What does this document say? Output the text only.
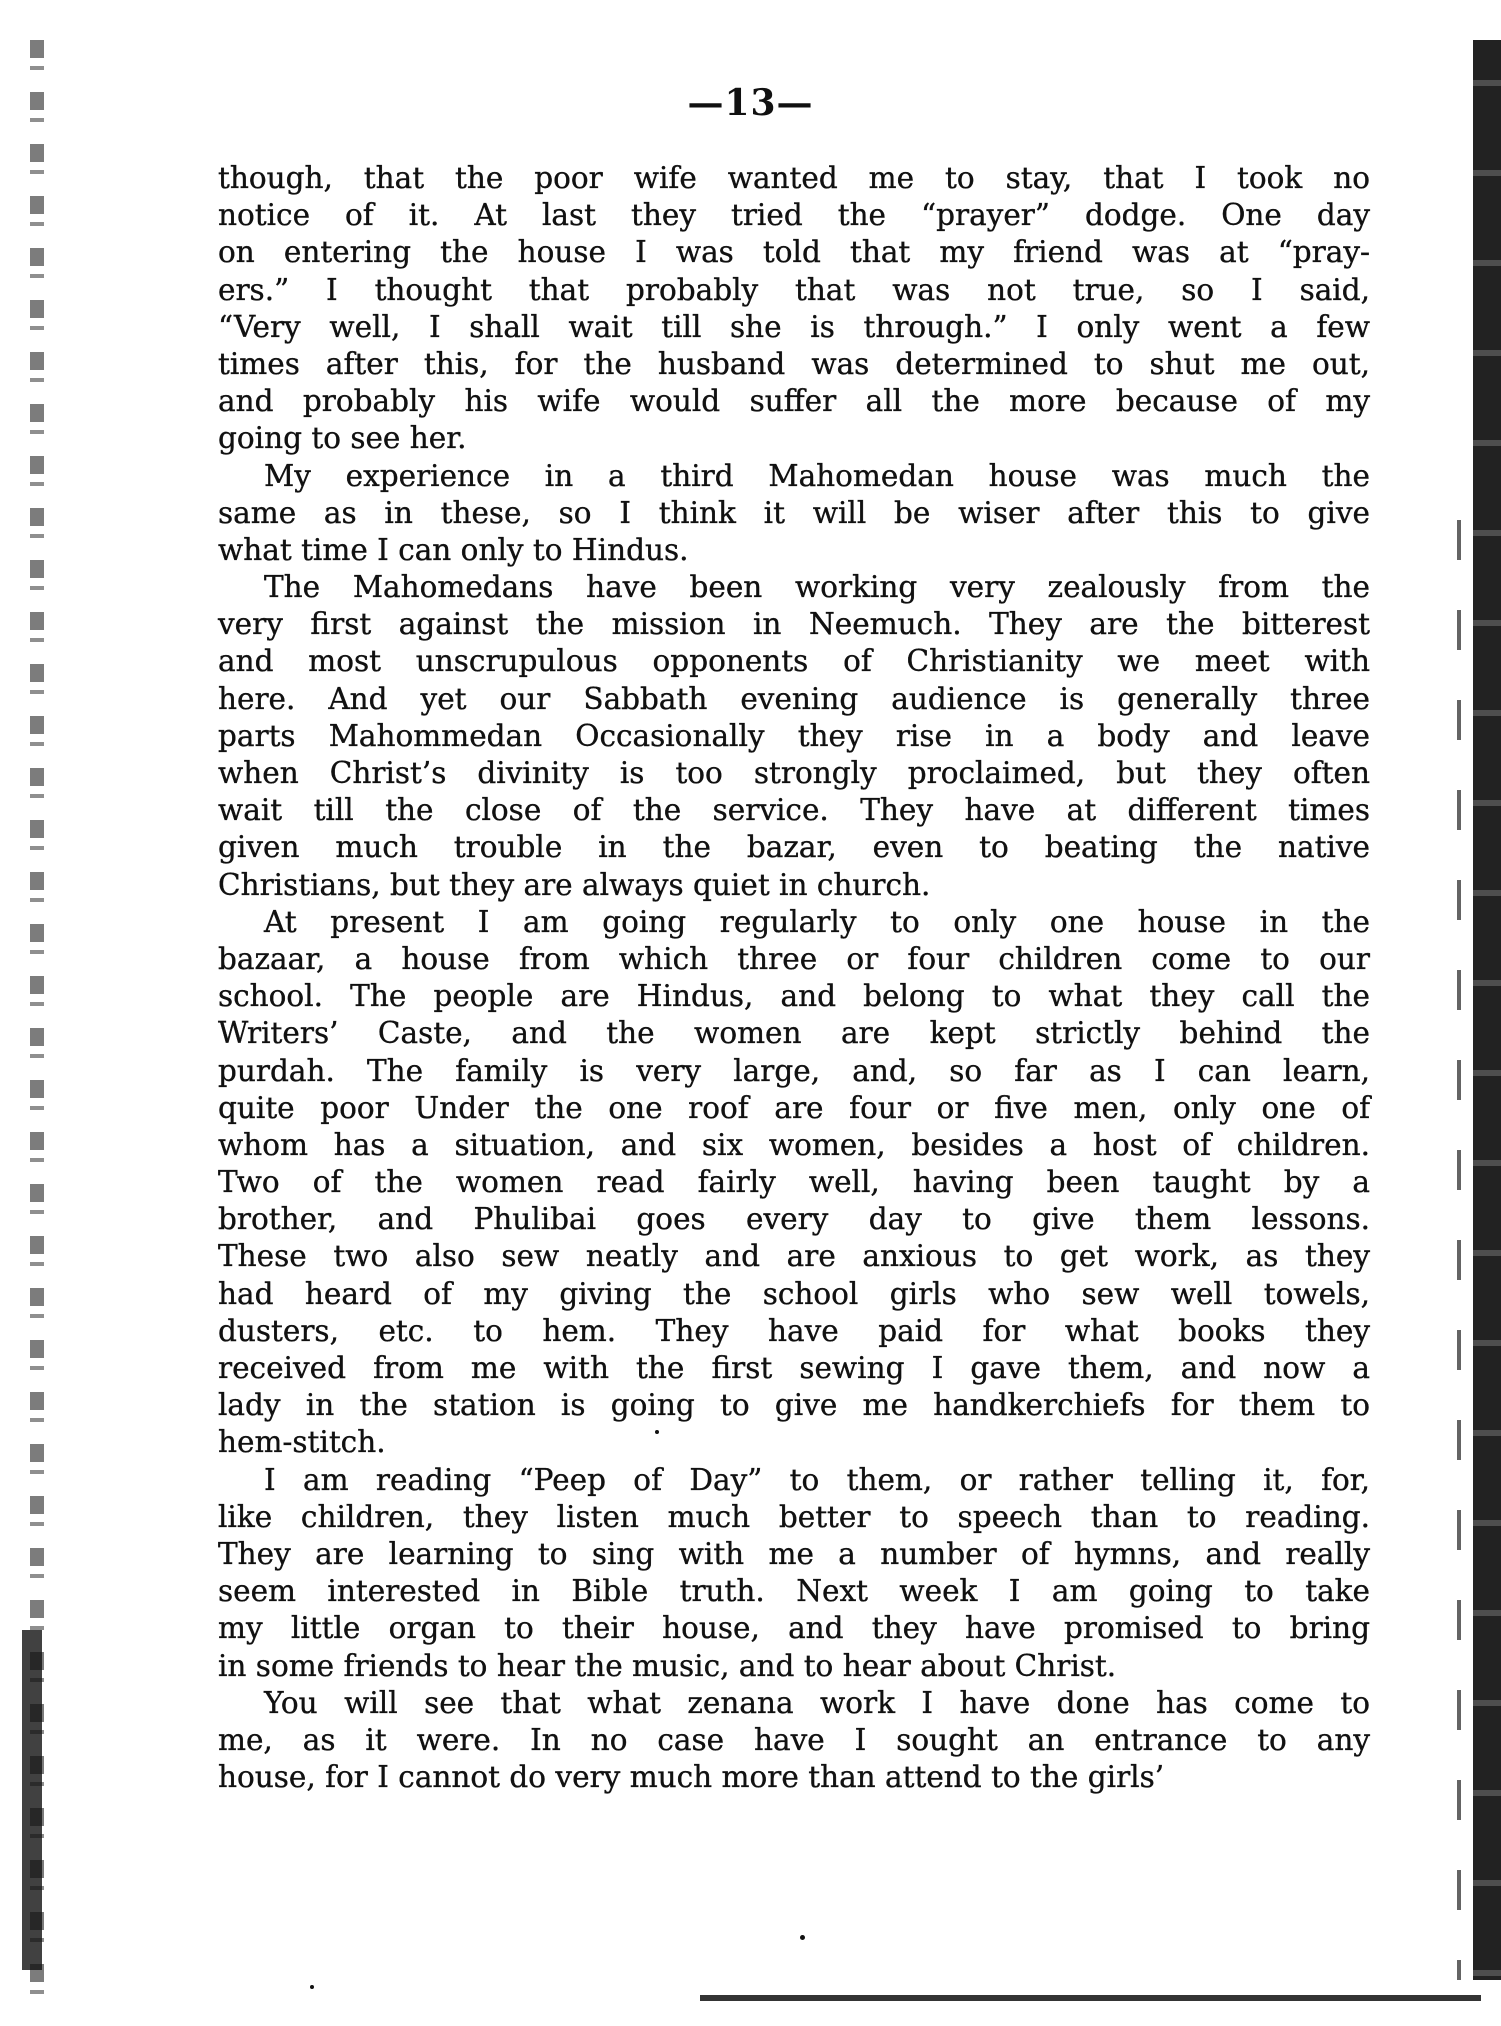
—13—
though, that the poor wife wanted me to stay, that I took no
notice of it. At last they tried the “prayer” dodge. One day
on entering the house I was told that my friend was at “pray-
ers.” I thought that probably that was not true, so I said,
“Very well, I shall wait till she is through.” I only went a few
times after this, for the husband was determined to shut me out,
and probably his wife would suffer all the more because of my
going to see her.
My experience in a third Mahomedan house was much the
same as in these, so I think it will be wiser after this to give
what time I can only to Hindus.
The Mahomedans have been working very zealously from the
very first against the mission in Neemuch. They are the bitterest
and most unscrupulous opponents of Christianity we meet with
here. And yet our Sabbath evening audience is generally three
parts Mahommedan Occasionally they rise in a body and leave
when Christ’s divinity is too strongly proclaimed, but they often
wait till the close of the service. They have at different times
given much trouble in the bazar, even to beating the native
Christians, but they are always quiet in church.
At present I am going regularly to only one house in the
bazaar, a house from which three or four children come to our
school. The people are Hindus, and belong to what they call the
Writers’ Caste, and the women are kept strictly behind the
purdah. The family is very large, and, so far as I can learn,
quite poor Under the one roof are four or five men, only one of
whom has a situation, and six women, besides a host of children.
Two of the women read fairly well, having been taught by a
brother, and Phulibai goes every day to give them lessons.
These two also sew neatly and are anxious to get work, as they
had heard of my giving the school girls who sew well towels,
dusters, etc. to hem. They have paid for what books they
received from me with the first sewing I gave them, and now a
lady in the station is going to give me handkerchiefs for them to
hem-stitch.
I am reading “Peep of Day” to them, or rather telling it, for,
like children, they listen much better to speech than to reading.
They are learning to sing with me a number of hymns, and really
seem interested in Bible truth. Next week I am going to take
my little organ to their house, and they have promised to bring
in some friends to hear the music, and to hear about Christ.
You will see that what zenana work I have done has come to
me, as it were. In no case have I sought an entrance to any
house, for I cannot do very much more than attend to the girls’
